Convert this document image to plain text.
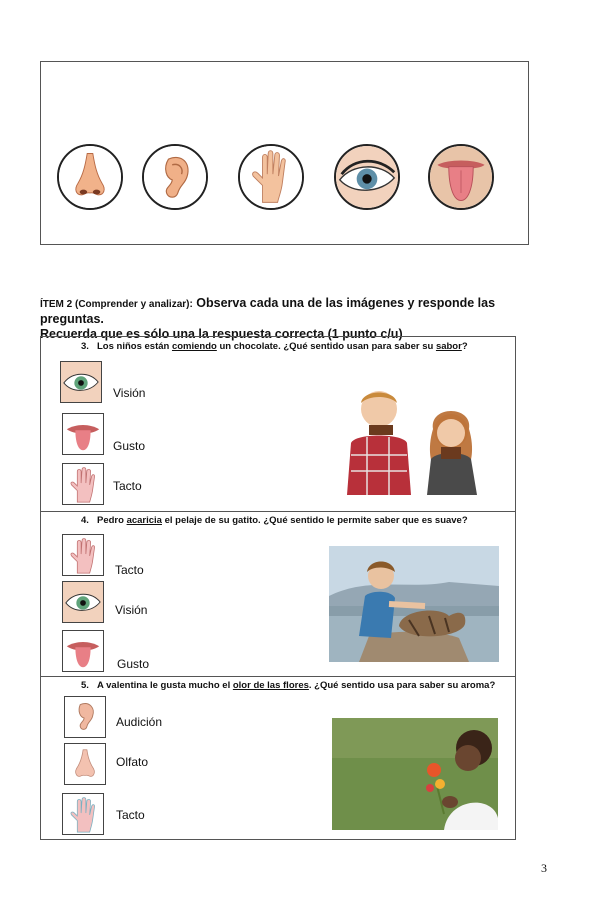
ÍTEM 2 (Comprender y analizar): Observa cada una de las imágenes y responde las preguntas.
Recuerda que es sólo una la respuesta correcta (1 punto c/u)
3. Los niños están comiendo un chocolate. ¿Qué sentido usan para saber su sabor?
Visión
Gusto
Tacto
4. Pedro acaricia el pelaje de su gatito. ¿Qué sentido le permite saber que es suave?
Tacto
Visión
Gusto
5. A valentina le gusta mucho el olor de las flores. ¿Qué sentido usa para saber su aroma?
Audición
Olfato
Tacto
3
